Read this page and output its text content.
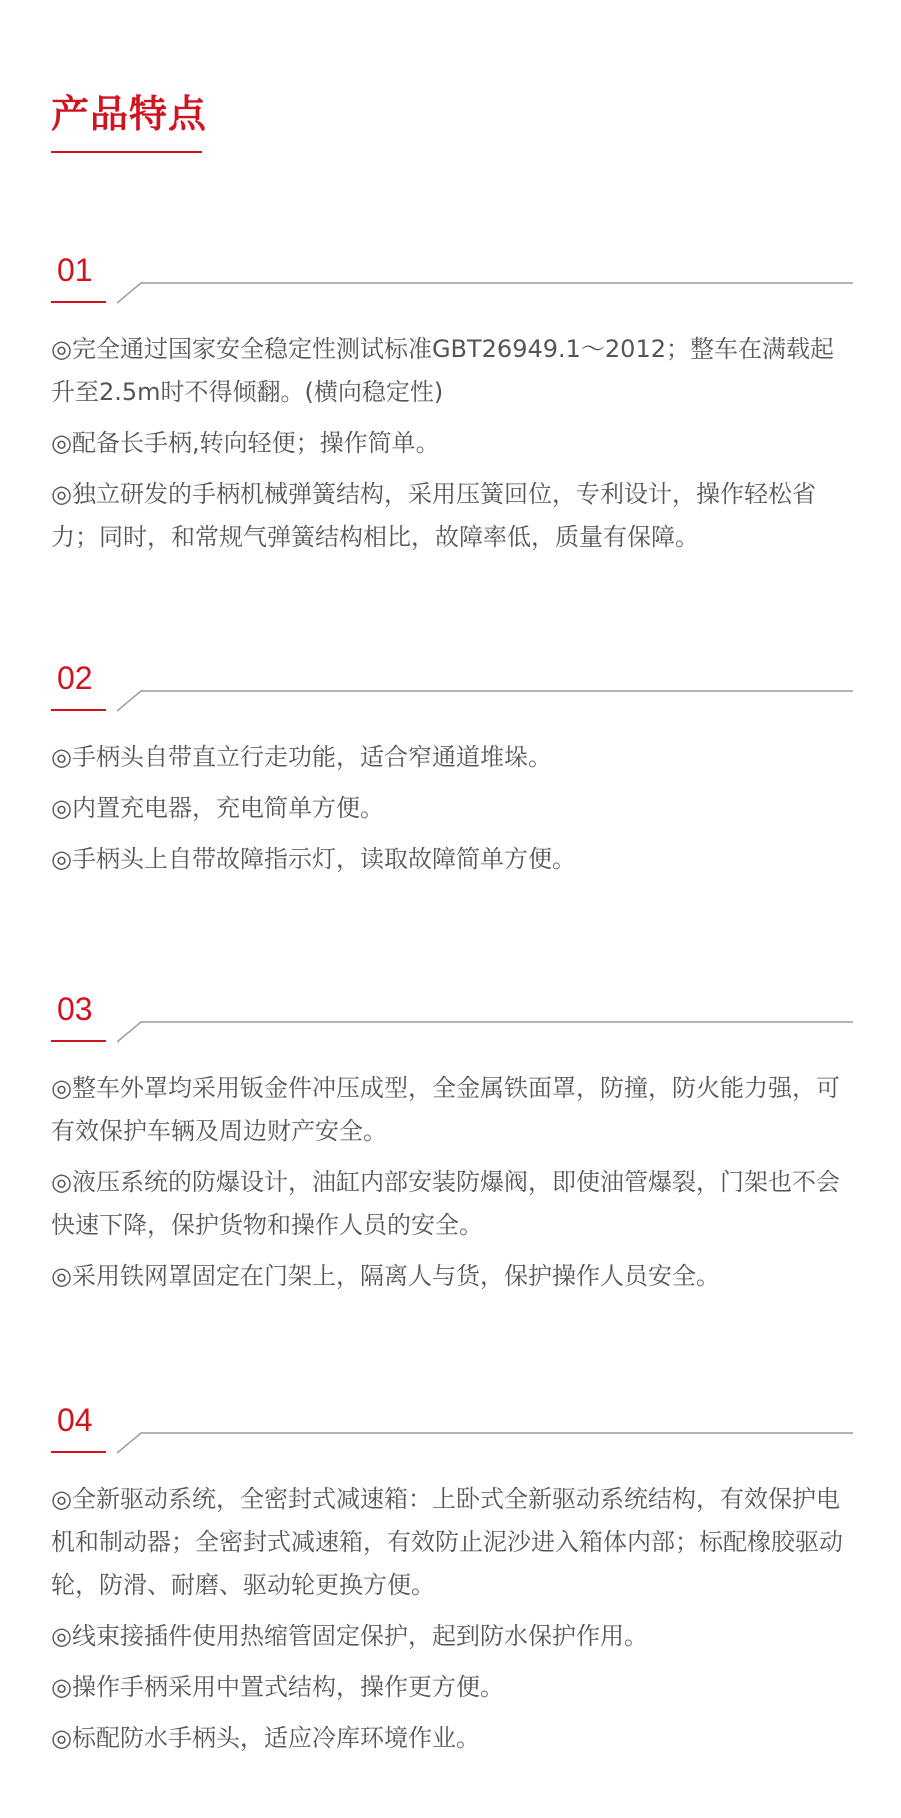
产品特点
01
◎完全通过国家安全稳定性测试标准GBT26949.1～2012；整车在满载起升至2.5m时不得倾翻。(横向稳定性)
◎配备长手柄,转向轻便；操作简单。
◎独立研发的手柄机械弹簧结构，采用压簧回位，专利设计，操作轻松省力；同时，和常规气弹簧结构相比，故障率低，质量有保障。
02
◎手柄头自带直立行走功能，适合窄通道堆垛。
◎内置充电器，充电简单方便。
◎手柄头上自带故障指示灯，读取故障简单方便。
03
◎整车外罩均采用钣金件冲压成型，全金属铁面罩，防撞，防火能力强，可有效保护车辆及周边财产安全。
◎液压系统的防爆设计，油缸内部安装防爆阀，即使油管爆裂，门架也不会快速下降，保护货物和操作人员的安全。
◎采用铁网罩固定在门架上，隔离人与货，保护操作人员安全。
04
◎全新驱动系统，全密封式减速箱：上卧式全新驱动系统结构，有效保护电机和制动器；全密封式减速箱，有效防止泥沙进入箱体内部；标配橡胶驱动轮，防滑、耐磨、驱动轮更换方便。
◎线束接插件使用热缩管固定保护，起到防水保护作用。
◎操作手柄采用中置式结构，操作更方便。
◎标配防水手柄头，适应冷库环境作业。
